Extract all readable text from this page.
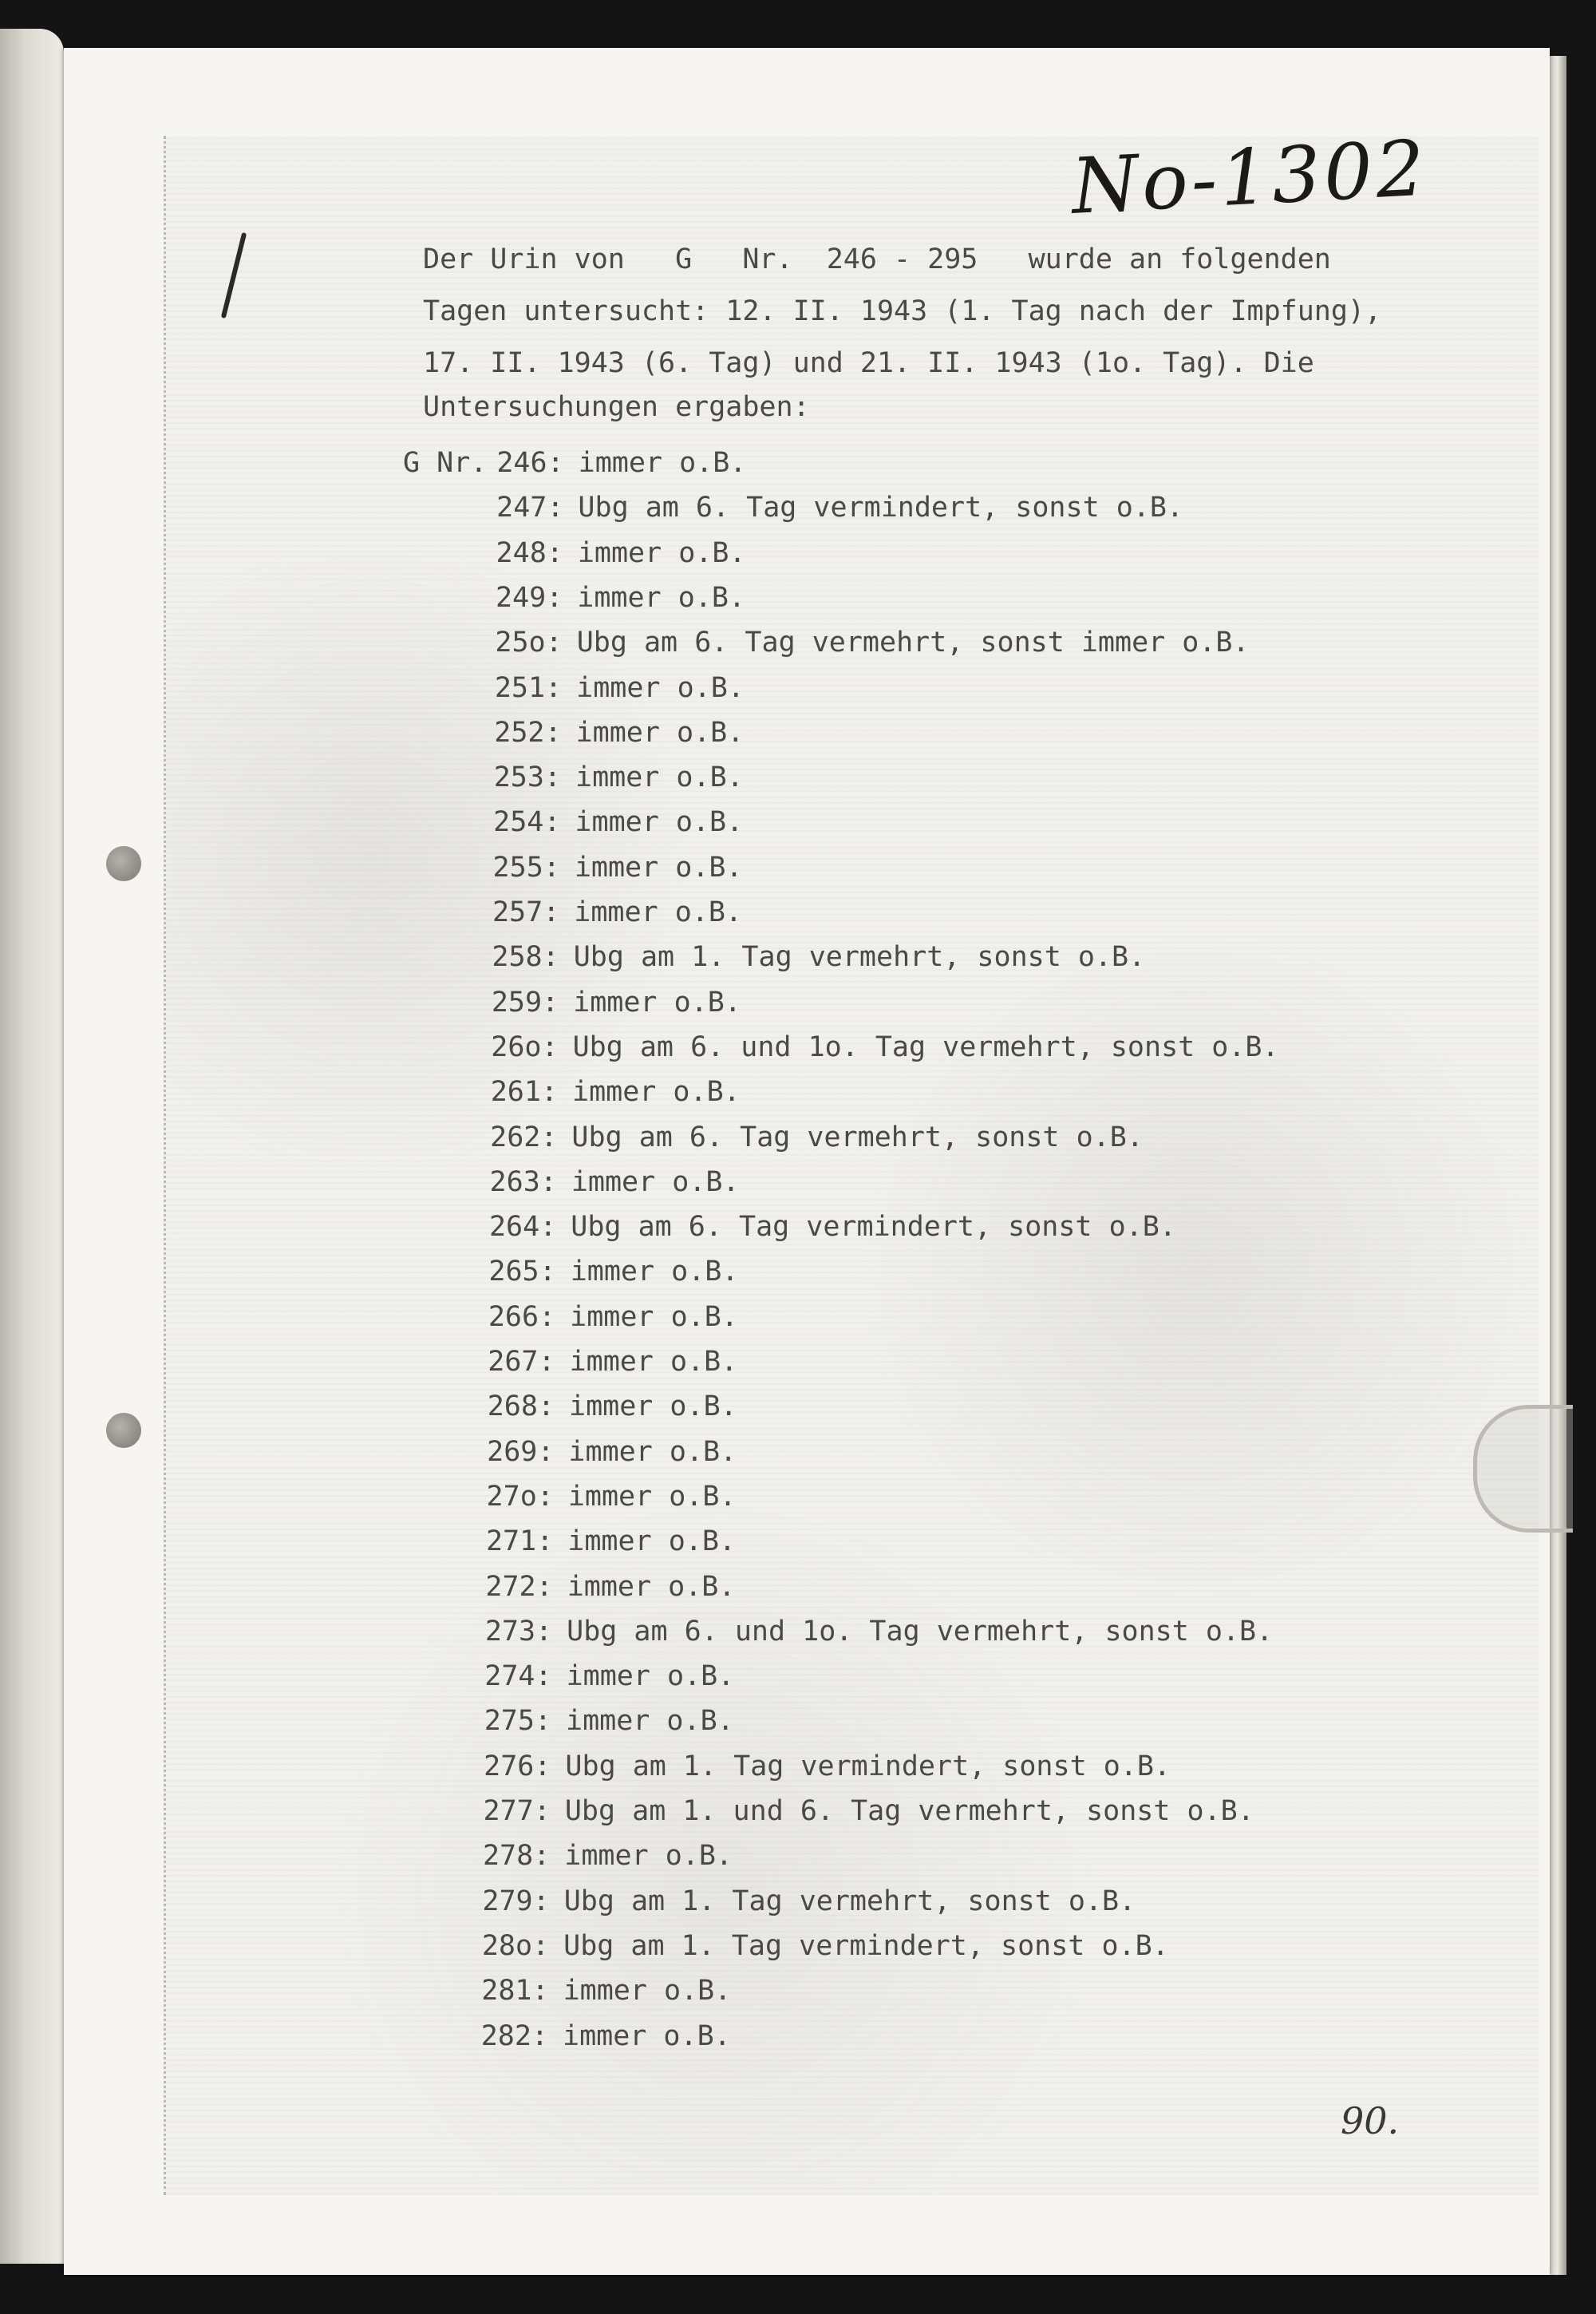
No-1302
Der Urin von   G   Nr.  246 - 295   wurde an folgenden
Tagen untersucht: 12. II. 1943 (1. Tag nach der Impfung),
17. II. 1943 (6. Tag) und 21. II. 1943 (1o. Tag). Die
Untersuchungen ergaben:
G Nr. 246: immer o.B.
247: Ubg am 6. Tag vermindert, sonst o.B.
248: immer o.B.
249: immer o.B.
25o: Ubg am 6. Tag vermehrt, sonst immer o.B.
251: immer o.B.
252: immer o.B.
253: immer o.B.
254: immer o.B.
255: immer o.B.
257: immer o.B.
258: Ubg am 1. Tag vermehrt, sonst o.B.
259: immer o.B.
26o: Ubg am 6. und 1o. Tag vermehrt, sonst o.B.
261: immer o.B.
262: Ubg am 6. Tag vermehrt, sonst o.B.
263: immer o.B.
264: Ubg am 6. Tag vermindert, sonst o.B.
265: immer o.B.
266: immer o.B.
267: immer o.B.
268: immer o.B.
269: immer o.B.
27o: immer o.B.
271: immer o.B.
272: immer o.B.
273: Ubg am 6. und 1o. Tag vermehrt, sonst o.B.
274: immer o.B.
275: immer o.B.
276: Ubg am 1. Tag vermindert, sonst o.B.
277: Ubg am 1. und 6. Tag vermehrt, sonst o.B.
278: immer o.B.
279: Ubg am 1. Tag vermehrt, sonst o.B.
28o: Ubg am 1. Tag vermindert, sonst o.B.
281: immer o.B.
282: immer o.B.
90.
